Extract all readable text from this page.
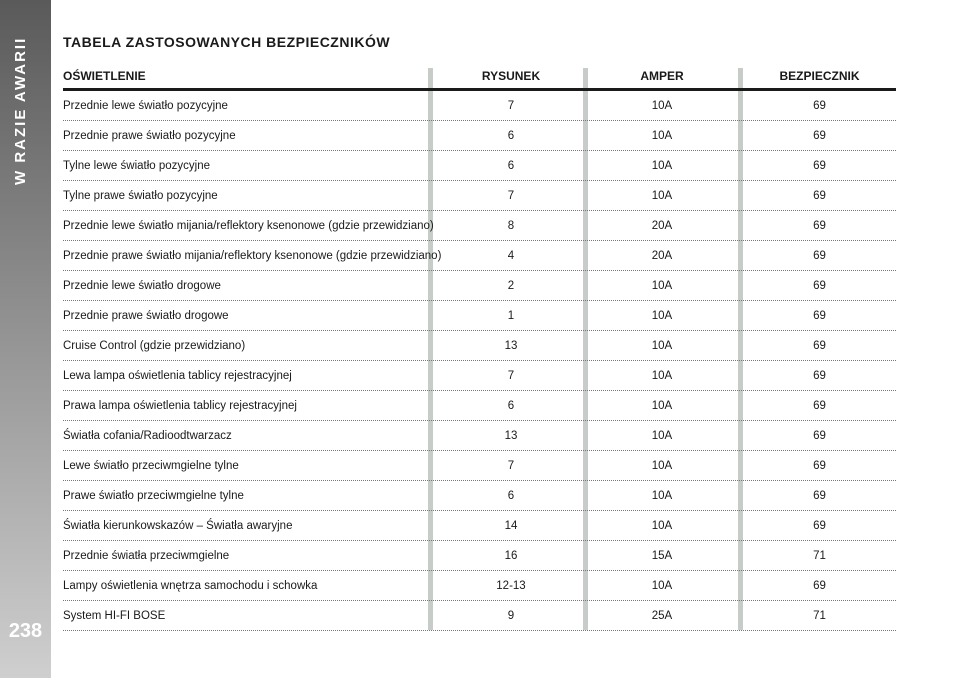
W RAZIE AWARII
238
TABELA ZASTOSOWANYCH BEZPIECZNIKÓW
OŚWIETLENIE	RYSUNEK	AMPER	BEZPIECZNIK
Przednie lewe światło pozycyjne	7	10A	69
Przednie prawe światło pozycyjne	6	10A	69
Tylne lewe światło pozycyjne	6	10A	69
Tylne prawe światło pozycyjne	7	10A	69
Przednie lewe światło mijania/reflektory ksenonowe (gdzie przewidziano)	8	20A	69
Przednie prawe światło mijania/reflektory ksenonowe (gdzie przewidziano)	4	20A	69
Przednie lewe światło drogowe	2	10A	69
Przednie prawe światło drogowe	1	10A	69
Cruise Control (gdzie przewidziano)	13	10A	69
Lewa lampa oświetlenia tablicy rejestracyjnej	7	10A	69
Prawa lampa oświetlenia tablicy rejestracyjnej	6	10A	69
Światła cofania/Radioodtwarzacz	13	10A	69
Lewe światło przeciwmgielne tylne	7	10A	69
Prawe światło przeciwmgielne tylne	6	10A	69
Światła kierunkowskazów – Światła awaryjne	14	10A	69
Przednie światła przeciwmgielne	16	15A	71
Lampy oświetlenia wnętrza samochodu i schowka	12-13	10A	69
System HI-FI BOSE	9	25A	71
